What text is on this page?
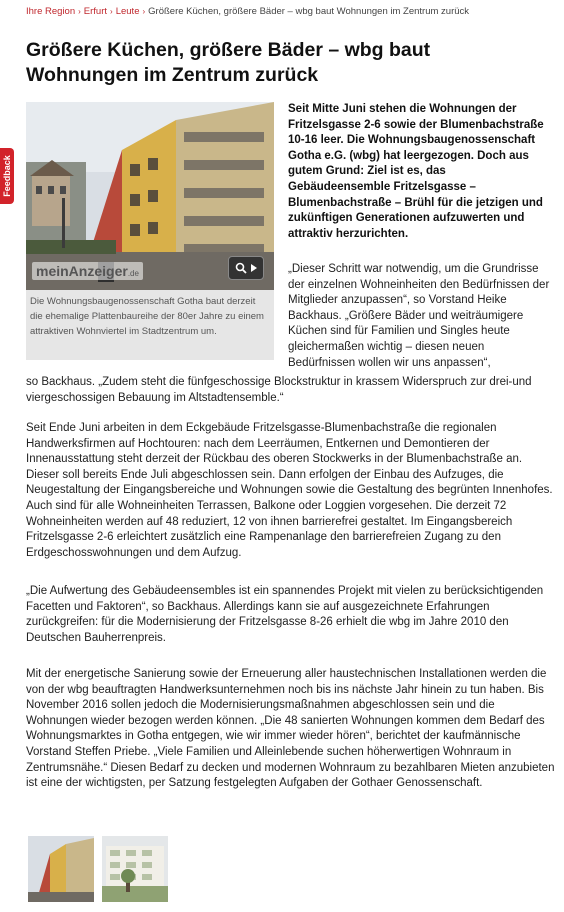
Ihre Region › Erfurt › Leute › Größere Küchen, größere Bäder – wbg baut Wohnungen im Zentrum zurück
Feedback
Größere Küchen, größere Bäder – wbg baut Wohnungen im Zentrum zurück
meinAnzeiger.de
Die Wohnungsbaugenossenschaft Gotha baut derzeit die ehemalige Plattenbaureihe der 80er Jahre zu einem attraktiven Wohnviertel im Stadtzentrum um.

Seit Mitte Juni stehen die Wohnungen der Fritzelsgasse 2-6 sowie der Blumenbachstraße 10-16 leer. Die Wohnungsbaugenossenschaft Gotha e.G. (wbg) hat leergezogen. Doch aus gutem Grund: Ziel ist es, das Gebäudeensemble Fritzelsgasse – Blumenbachstraße – Brühl für die jetzigen und zukünftigen Generationen aufzuwerten und attraktiv herzurichten.

„Dieser Schritt war notwendig, um die Grundrisse der einzelnen Wohneinheiten den Bedürfnissen der Mitglieder anzupassen“, so Vorstand Heike Backhaus. „Größere Bäder und weiträumigere Küchen sind für Familien und Singles heute gleichermaßen wichtig – diesen neuen Bedürfnissen wollen wir uns anpassen“,

so Backhaus. „Zudem steht die fünfgeschossige Blockstruktur in krassem Widerspruch zur drei-und viergeschossigen Bebauung im Altstadtensemble.“

Seit Ende Juni arbeiten in dem Eckgebäude Fritzelsgasse-Blumenbachstraße die regionalen Handwerksfirmen auf Hochtouren: nach dem Leerräumen, Entkernen und Demontieren der Innenausstattung steht derzeit der Rückbau des oberen Stockwerks in der Blumenbachstraße an. Dieser soll bereits Ende Juli abgeschlossen sein. Dann erfolgen der Einbau des Aufzuges, die Neugestaltung der Eingangsbereiche und Wohnungen sowie die Gestaltung des begrünten Innenhofes. Auch sind für alle Wohneinheiten Terrassen, Balkone oder Loggien vorgesehen. Die derzeit 72 Wohneinheiten werden auf 48 reduziert, 12 von ihnen barrierefrei gestaltet. Im Eingangsbereich Fritzelsgasse 2-6 erleichtert zusätzlich eine Rampenanlage den barrierefreien Zugang zu den Erdgeschosswohnungen und dem Aufzug.

„Die Aufwertung des Gebäudeensembles ist ein spannendes Projekt mit vielen zu berücksichtigenden Facetten und Faktoren“, so Backhaus. Allerdings kann sie auf ausgezeichnete Erfahrungen zurückgreifen: für die Modernisierung der Fritzelsgasse 8-26 erhielt die wbg im Jahre 2010 den Deutschen Bauherrenpreis.

Mit der energetische Sanierung sowie der Erneuerung aller haustechnischen Installationen werden die von der wbg beauftragten Handwerksunternehmen noch bis ins nächste Jahr hinein zu tun haben. Bis November 2016 sollen jedoch die Modernisierungsmaßnahmen abgeschlossen sein und die Wohnungen wieder bezogen werden können. „Die 48 sanierten Wohnungen kommen dem Bedarf des Wohnungsmarktes in Gotha entgegen, wie wir immer wieder hören“, berichtet der kaufmännische Vorstand Steffen Priebe. „Viele Familien und Alleinlebende suchen höherwertigen Wohnraum in Zentrumsnähe.“ Diesen Bedarf zu decken und modernen Wohnraum zu bezahlbaren Mieten anzubieten ist eine der wichtigsten, per Satzung festgelegten Aufgaben der Gothaer Genossenschaft.
